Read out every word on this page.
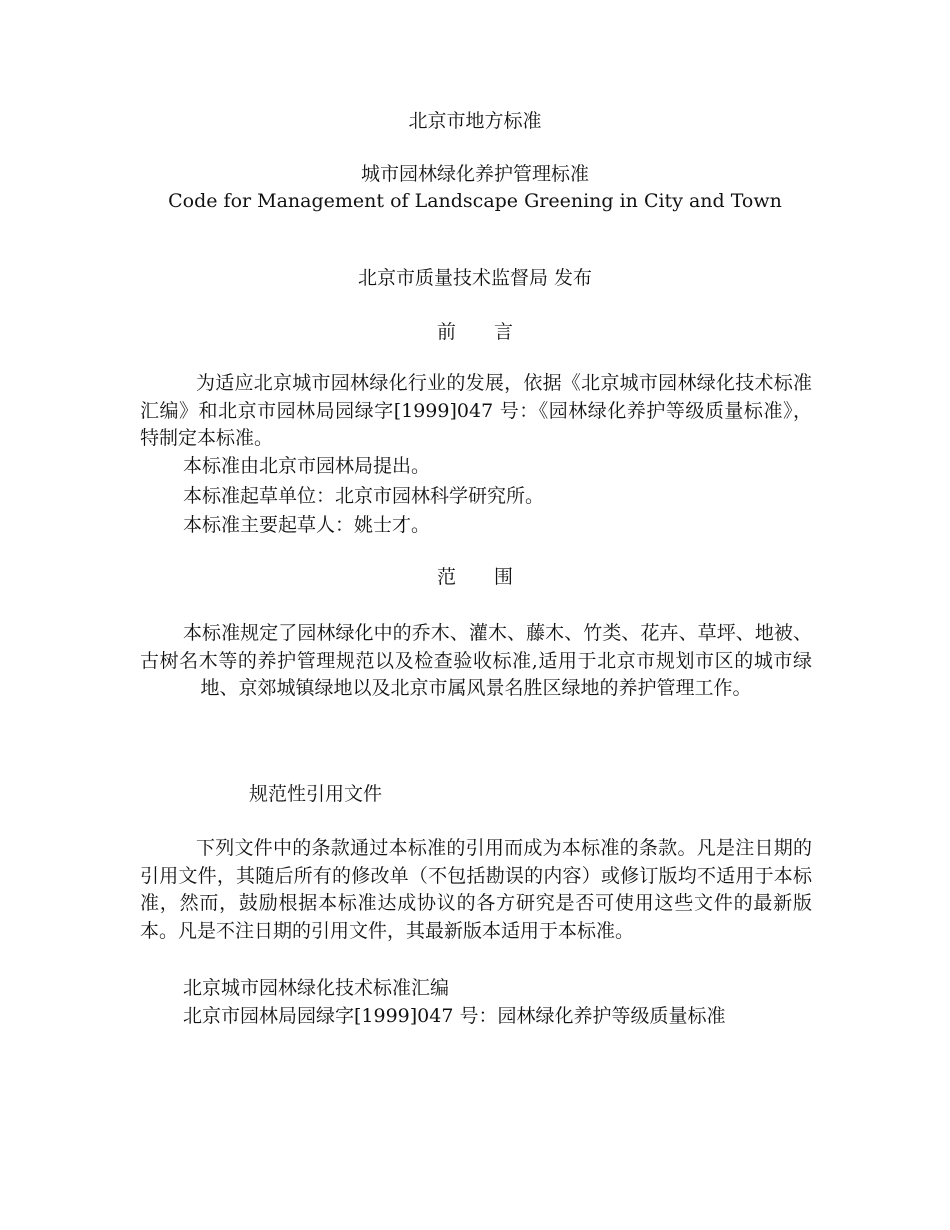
北京市地方标准
城市园林绿化养护管理标准
Code for Management of Landscape Greening in City and Town
北京市质量技术监督局 发布
前言
为适应北京城市园林绿化行业的发展，依据《北京城市园林绿化技术标准汇编》和北京市园林局园绿字[1999]047 号：《园林绿化养护等级质量标准》，特制定本标准。
本标准由北京市园林局提出。
本标准起草单位：北京市园林科学研究所。
本标准主要起草人：姚士才。
范围
本标准规定了园林绿化中的乔木、灌木、藤木、竹类、花卉、草坪、地被、古树名木等的养护管理规范以及检查验收标准,适用于北京市规划市区的城市绿地、京郊城镇绿地以及北京市属风景名胜区绿地的养护管理工作。
规范性引用文件
下列文件中的条款通过本标准的引用而成为本标准的条款。凡是注日期的引用文件，其随后所有的修改单（不包括勘误的内容）或修订版均不适用于本标准，然而，鼓励根据本标准达成协议的各方研究是否可使用这些文件的最新版本。凡是不注日期的引用文件，其最新版本适用于本标准。
北京城市园林绿化技术标准汇编
北京市园林局园绿字[1999]047 号：园林绿化养护等级质量标准
